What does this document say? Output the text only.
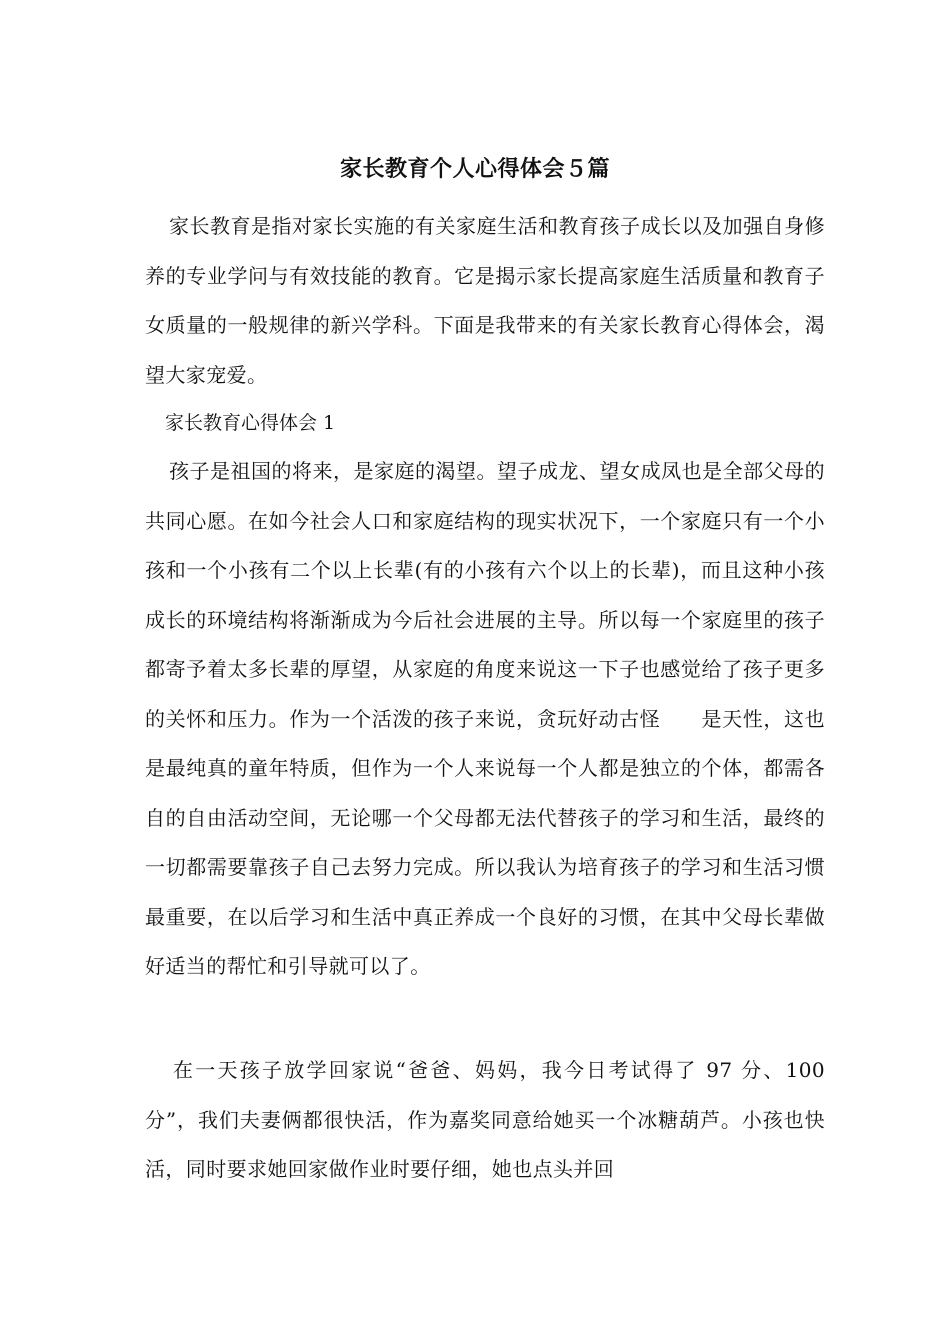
家长教育个人心得体会５篇
家长教育是指对家长实施的有关家庭生活和教育孩子成长以及加强自身修养的专业学问与有效技能的教育。它是揭示家长提高家庭生活质量和教育子女质量的一般规律的新兴学科。下面是我带来的有关家长教育心得体会，渴望大家宠爱。
家长教育心得体会 1
孩子是祖国的将来，是家庭的渴望。望子成龙、望女成凤也是全部父母的共同心愿。在如今社会人口和家庭结构的现实状况下，一个家庭只有一个小孩和一个小孩有二个以上长辈(有的小孩有六个以上的长辈)，而且这种小孩成长的环境结构将渐渐成为今后社会进展的主导。所以每一个家庭里的孩子都寄予着太多长辈的厚望，从家庭的角度来说这一下子也感觉给了孩子更多的关怀和压力。作为一个活泼的孩子来说，贪玩好动古怪　　是天性，这也是最纯真的童年特质，但作为一个人来说每一个人都是独立的个体，都需各自的自由活动空间，无论哪一个父母都无法代替孩子的学习和生活，最终的一切都需要靠孩子自己去努力完成。所以我认为培育孩子的学习和生活习惯最重要，在以后学习和生活中真正养成一个良好的习惯，在其中父母长辈做好适当的帮忙和引导就可以了。
在一天孩子放学回家说“爸爸、妈妈，我今日考试得了 97 分、100 分”，我们夫妻俩都很快活，作为嘉奖同意给她买一个冰糖葫芦。小孩也快活，同时要求她回家做作业时要仔细，她也点头并回
